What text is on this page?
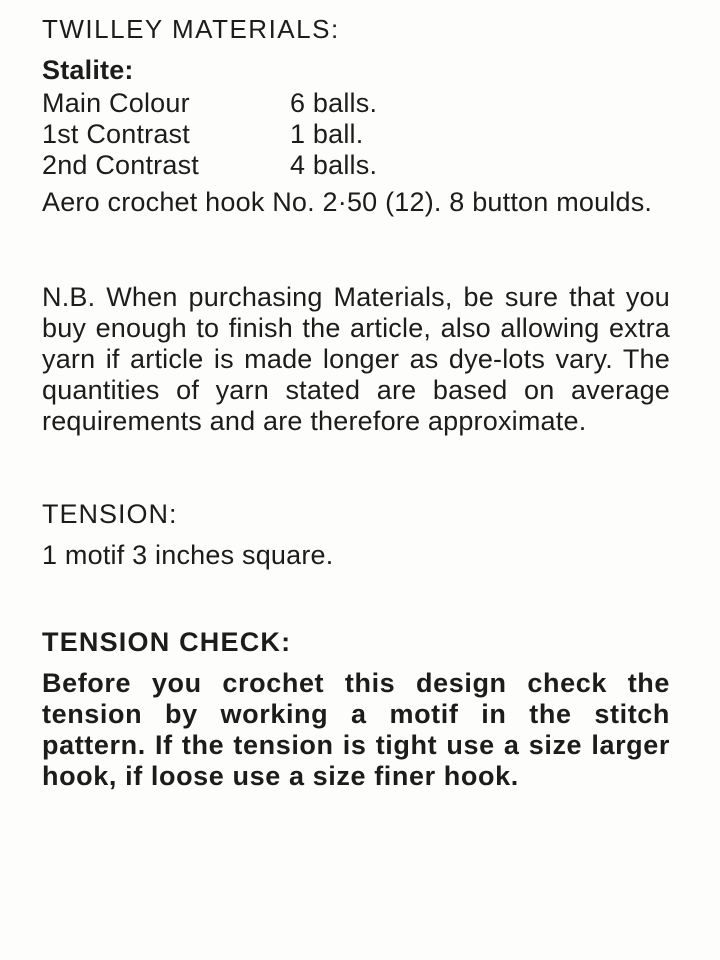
TWILLEY MATERIALS:
Stalite:
Main Colour	6 balls.
1st Contrast	1 ball.
2nd Contrast	4 balls.
Aero crochet hook No. 2·50 (12). 8 button moulds.
N.B. When purchasing Materials, be sure that you buy enough to finish the article, also allowing extra yarn if article is made longer as dye-lots vary. The quantities of yarn stated are based on average requirements and are therefore approximate.
TENSION:
1 motif 3 inches square.
TENSION CHECK:
Before you crochet this design check the tension by working a motif in the stitch pattern. If the tension is tight use a size larger hook, if loose use a size finer hook.
